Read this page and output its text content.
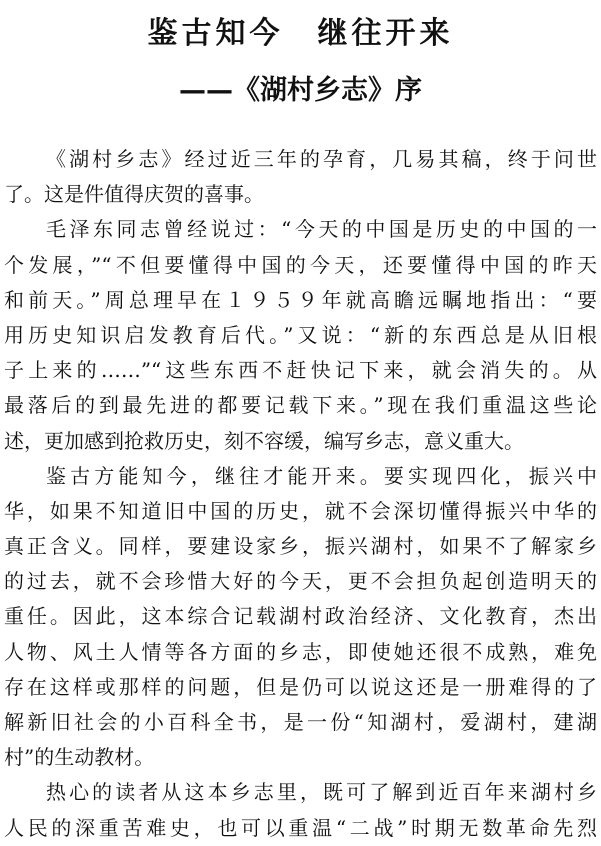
鉴古知今　继往开来
——《湖村乡志》序
《湖村乡志》经过近三年的孕育，几易其稿，终于问世
了。这是件值得庆贺的喜事。
毛泽东同志曾经说过：“今天的中国是历史的中国的一
个发展，”“不但要懂得中国的今天，还要懂得中国的昨天
和前天。”周总理早在１９５９年就高瞻远瞩地指出：“要
用历史知识启发教育后代。”又说：“新的东西总是从旧根
子上来的……”“这些东西不赶快记下来，就会消失的。从
最落后的到最先进的都要记载下来。”现在我们重温这些论
述，更加感到抢救历史，刻不容缓，编写乡志，意义重大。
鉴古方能知今，继往才能开来。要实现四化，振兴中
华，如果不知道旧中国的历史，就不会深切懂得振兴中华的
真正含义。同样，要建设家乡，振兴湖村，如果不了解家乡
的过去，就不会珍惜大好的今天，更不会担负起创造明天的
重任。因此，这本综合记载湖村政治经济、文化教育，杰出
人物、风土人情等各方面的乡志，即使她还很不成熟，难免
存在这样或那样的问题，但是仍可以说这还是一册难得的了
解新旧社会的小百科全书，是一份“知湖村，爱湖村，建湖
村”的生动教材。
热心的读者从这本乡志里，既可了解到近百年来湖村乡
人民的深重苦难史，也可以重温“二战”时期无数革命先烈
